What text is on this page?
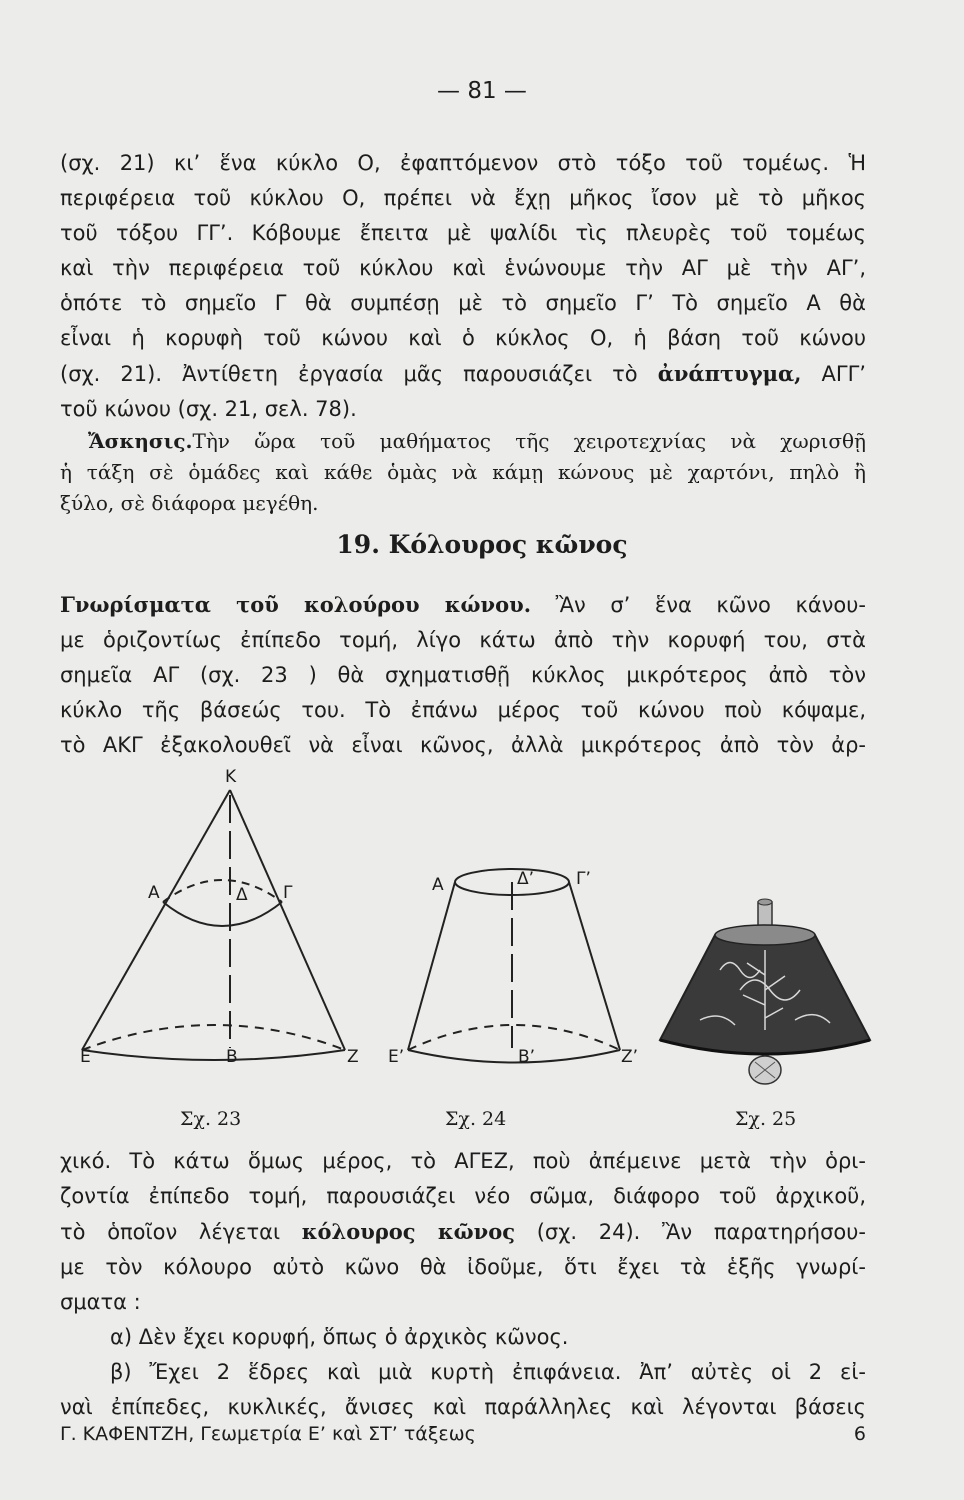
— 81 —
(σχ. 21) κι’ ἕνα κύκλο Ο, ἐφαπτόμενον στὸ τόξο τοῦ τομέως. Ἡ
περιφέρεια τοῦ κύκλου Ο, πρέπει νὰ ἔχῃ μῆκος ἴσον μὲ τὸ μῆκος
τοῦ τόξου ΓΓ’. Κόβουμε ἔπειτα μὲ ψαλίδι τὶς πλευρὲς τοῦ τομέως
καὶ τὴν περιφέρεια τοῦ κύκλου καὶ ἑνώνουμε τὴν ΑΓ μὲ τὴν ΑΓ’,
ὁπότε τὸ σημεῖο Γ θὰ συμπέσῃ μὲ τὸ σημεῖο Γ’ Τὸ σημεῖο Α θὰ
εἶναι ἡ κορυφὴ τοῦ κώνου καὶ ὁ κύκλος Ο, ἡ βάση τοῦ κώνου
(σχ. 21). Ἀντίθετη ἐργασία μᾶς παρουσιάζει τὸ ἀνάπτυγμα, ΑΓΓ’
τοῦ κώνου (σχ. 21, σελ. 78).
Ἄσκησις.Τὴν ὥρα τοῦ μαθήματος τῆς χειροτεχνίας νὰ χωρισθῇ
ἡ τάξη σὲ ὁμάδες καὶ κάθε ὁμὰς νὰ κάμῃ κώνους μὲ χαρτόνι, πηλὸ ἢ
ξύλο, σὲ διάφορα μεγέθη.
19. Κόλουρος κῶνος
Γνωρίσματα τοῦ κολούρου κώνου. Ἂν σ’ ἕνα κῶνο κάνου-
με ὁριζοντίως ἐπίπεδο τομή, λίγο κάτω ἀπὸ τὴν κορυφή του, στὰ
σημεῖα ΑΓ (σχ. 23 ) θὰ σχηματισθῇ κύκλος μικρότερος ἀπὸ τὸν
κύκλο τῆς βάσεώς του. Τὸ ἐπάνω μέρος τοῦ κώνου ποὺ κόψαμε,
τὸ ΑΚΓ ἐξακολουθεῖ νὰ εἶναι κῶνος, ἀλλὰ μικρότερος ἀπὸ τὸν ἀρ-
Κ
Α	Δ Γ
Ε	Β	Ζ
Α	Δ’ Γ’
Ε’	Β’	Ζ’
Σχ. 23	Σχ. 24	Σχ. 25
χικό. Τὸ κάτω ὅμως μέρος, τὸ ΑΓΕΖ, ποὺ ἀπέμεινε μετὰ τὴν ὁρι-
ζοντία ἐπίπεδο τομή, παρουσιάζει νέο σῶμα, διάφορο τοῦ ἀρχικοῦ,
τὸ ὁποῖον λέγεται κόλουρος κῶνος (σχ. 24). Ἂν παρατηρήσου-
με τὸν κόλουρο αὐτὸ κῶνο θὰ ἰδοῦμε, ὅτι ἔχει τὰ ἑξῆς γνωρί-
σματα :
α) Δὲν ἔχει κορυφή, ὅπως ὁ ἀρχικὸς κῶνος.
β) Ἔχει 2 ἕδρες καὶ μιὰ κυρτὴ ἐπιφάνεια. Ἀπ’ αὐτὲς οἱ 2 εἰ-
ναὶ ἐπίπεδες, κυκλικές, ἄνισες καὶ παράλληλες καὶ λέγονται βάσεις
Γ. ΚΑΦΕΝΤΖΗ, Γεωμετρία Ε’ καὶ ΣΤ’ τάξεως	6
